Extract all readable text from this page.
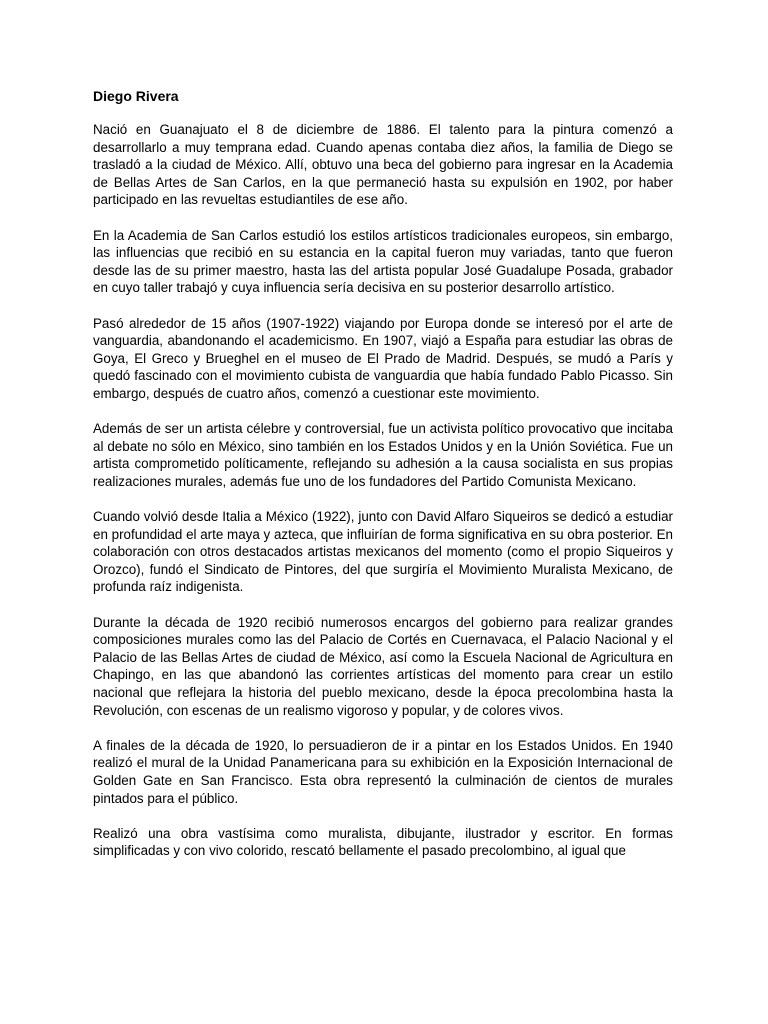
Diego Rivera

Nació en Guanajuato el 8 de diciembre de 1886. El talento para la pintura comenzó a desarrollarlo a muy temprana edad. Cuando apenas contaba diez años, la familia de Diego se trasladó a la ciudad de México. Allí, obtuvo una beca del gobierno para ingresar en la Academia de Bellas Artes de San Carlos, en la que permaneció hasta su expulsión en 1902, por haber participado en las revueltas estudiantiles de ese año.

En la Academia de San Carlos estudió los estilos artísticos tradicionales europeos, sin embargo, las influencias que recibió en su estancia en la capital fueron muy variadas, tanto que fueron desde las de su primer maestro, hasta las del artista popular José Guadalupe Posada, grabador en cuyo taller trabajó y cuya influencia sería decisiva en su posterior desarrollo artístico.

Pasó alrededor de 15 años (1907-1922) viajando por Europa donde se interesó por el arte de vanguardia, abandonando el academicismo. En 1907, viajó a España para estudiar las obras de Goya, El Greco y Brueghel en el museo de El Prado de Madrid. Después, se mudó a París y quedó fascinado con el movimiento cubista de vanguardia que había fundado Pablo Picasso. Sin embargo, después de cuatro años, comenzó a cuestionar este movimiento.

Además de ser un artista célebre y controversial, fue un activista político provocativo que incitaba al debate no sólo en México, sino también en los Estados Unidos y en la Unión Soviética. Fue un artista comprometido políticamente, reflejando su adhesión a la causa socialista en sus propias realizaciones murales, además fue uno de los fundadores del Partido Comunista Mexicano.

Cuando volvió desde Italia a México (1922), junto con David Alfaro Siqueiros se dedicó a estudiar en profundidad el arte maya y azteca, que influirían de forma significativa en su obra posterior. En colaboración con otros destacados artistas mexicanos del momento (como el propio Siqueiros y Orozco), fundó el Sindicato de Pintores, del que surgiría el Movimiento Muralista Mexicano, de profunda raíz indigenista.

Durante la década de 1920 recibió numerosos encargos del gobierno para realizar grandes composiciones murales como las del Palacio de Cortés en Cuernavaca, el Palacio Nacional y el Palacio de las Bellas Artes de ciudad de México, así como la Escuela Nacional de Agricultura en Chapingo, en las que abandonó las corrientes artísticas del momento para crear un estilo nacional que reflejara la historia del pueblo mexicano, desde la época precolombina hasta la Revolución, con escenas de un realismo vigoroso y popular, y de colores vivos.

A finales de la década de 1920, lo persuadieron de ir a pintar en los Estados Unidos. En 1940 realizó el mural de la Unidad Panamericana para su exhibición en la Exposición Internacional de Golden Gate en San Francisco. Esta obra representó la culminación de cientos de murales pintados para el público.

Realizó una obra vastísima como muralista, dibujante, ilustrador y escritor. En formas simplificadas y con vivo colorido, rescató bellamente el pasado precolombino, al igual que
